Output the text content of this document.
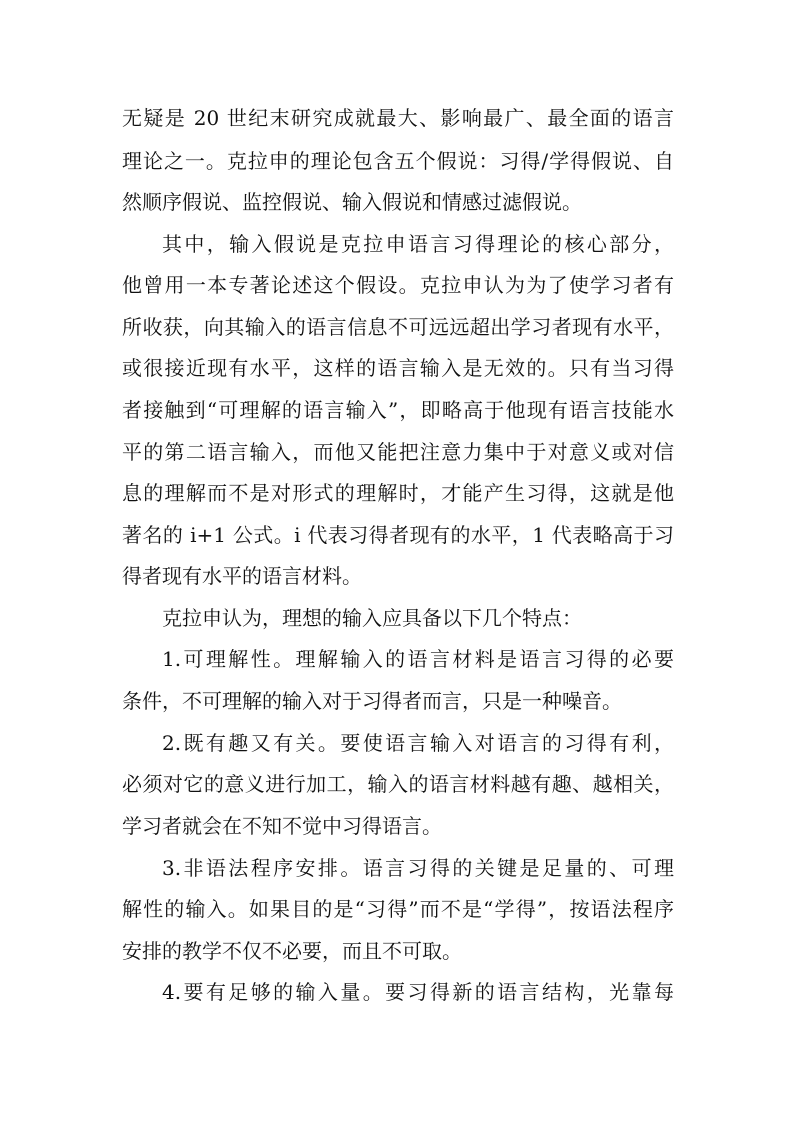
无疑是 20 世纪末研究成就最大、影响最广、最全面的语言

理论之一。克拉申的理论包含五个假说：习得/学得假说、自

然顺序假说、监控假说、输入假说和情感过滤假说。

其中，输入假说是克拉申语言习得理论的核心部分，

他曾用一本专著论述这个假设。克拉申认为为了使学习者有

所收获，向其输入的语言信息不可远远超出学习者现有水平，

或很接近现有水平，这样的语言输入是无效的。只有当习得

者接触到“可理解的语言输入”，即略高于他现有语言技能水

平的第二语言输入，而他又能把注意力集中于对意义或对信

息的理解而不是对形式的理解时，才能产生习得，这就是他

著名的 i+1 公式。i 代表习得者现有的水平，1 代表略高于习

得者现有水平的语言材料。

克拉申认为，理想的输入应具备以下几个特点：

1.可理解性。理解输入的语言材料是语言习得的必要

条件，不可理解的输入对于习得者而言，只是一种噪音。

2.既有趣又有关。要使语言输入对语言的习得有利，

必须对它的意义进行加工，输入的语言材料越有趣、越相关，

学习者就会在不知不觉中习得语言。

3.非语法程序安排。语言习得的关键是足量的、可理

解性的输入。如果目的是“习得”而不是“学得”，按语法程序

安排的教学不仅不必要，而且不可取。

4.要有足够的输入量。要习得新的语言结构，光靠每
